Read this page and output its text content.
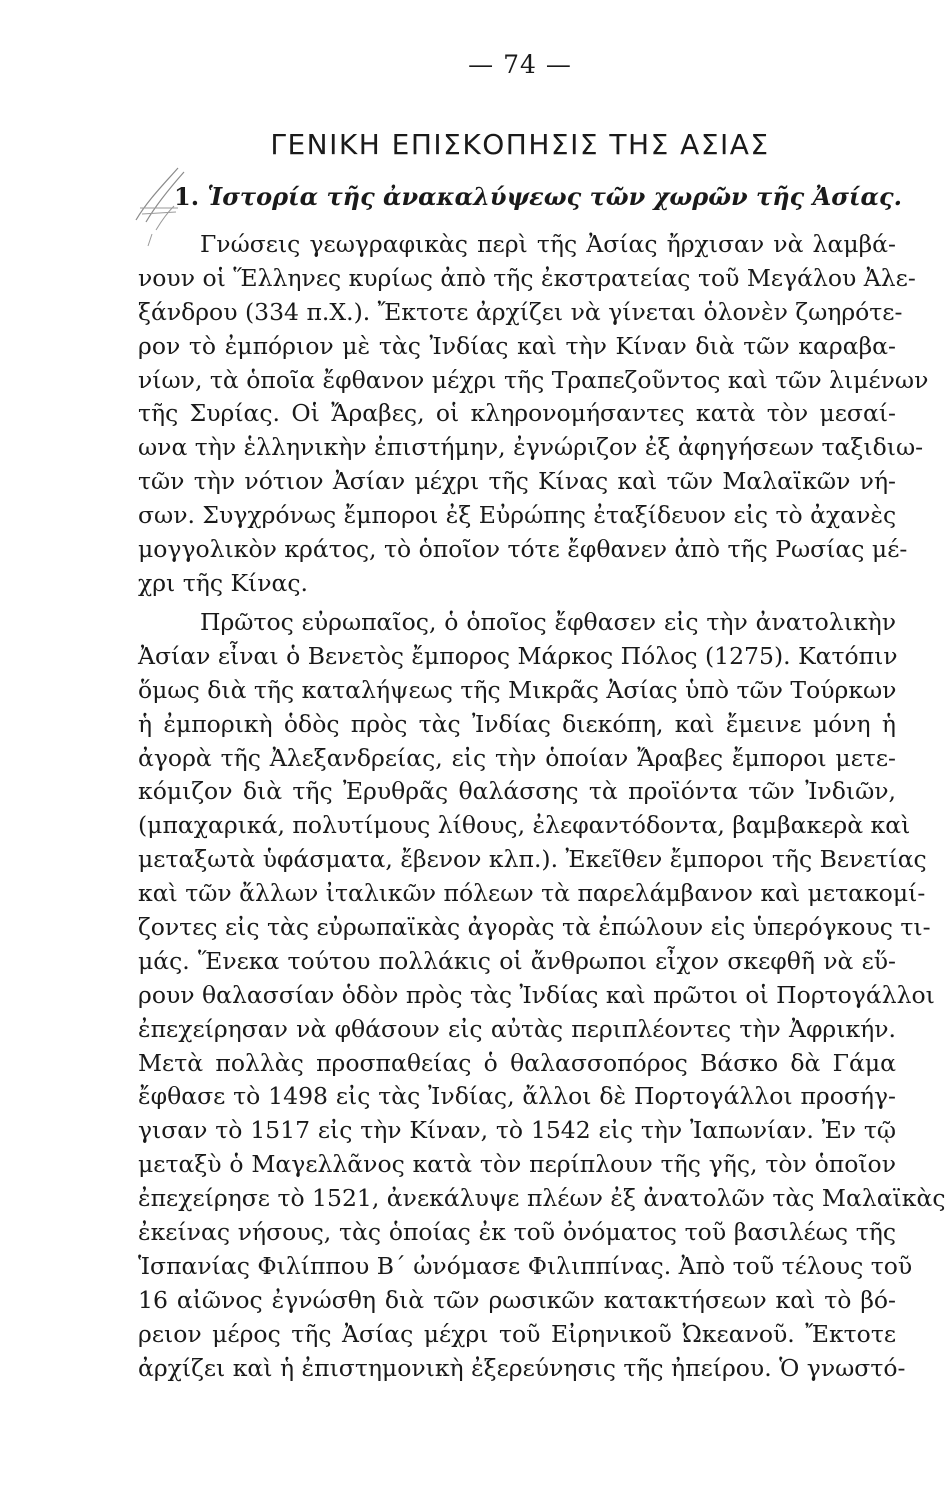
— 74 —
ΓΕΝΙΚΗ ΕΠΙΣΚΟΠΗΣΙΣ ΤΗΣ ΑΣΙΑΣ
1. Ἱστορία τῆς ἀνακαλύψεως τῶν χωρῶν τῆς Ἀσίας.
Γνώσεις γεωγραφικὰς περὶ τῆς Ἀσίας ἤρχισαν νὰ λαμβά-
νουν οἱ Ἕλληνες κυρίως ἀπὸ τῆς ἐκστρατείας τοῦ Μεγάλου Ἀλε-
ξάνδρου (334 π.Χ.). Ἔκτοτε ἀρχίζει νὰ γίνεται ὁλονὲν ζωηρότε-
ρον τὸ ἐμπόριον μὲ τὰς Ἰνδίας καὶ τὴν Κίναν διὰ τῶν καραβα-
νίων, τὰ ὁποῖα ἔφθανον μέχρι τῆς Τραπεζοῦντος καὶ τῶν λιμένων
τῆς Συρίας. Οἱ Ἄραβες, οἱ κληρονομήσαντες κατὰ τὸν μεσαί-
ωνα τὴν ἑλληνικὴν ἐπιστήμην, ἐγνώριζον ἐξ ἀφηγήσεων ταξιδιω-
τῶν τὴν νότιον Ἀσίαν μέχρι τῆς Κίνας καὶ τῶν Μαλαϊκῶν νή-
σων. Συγχρόνως ἔμποροι ἐξ Εὐρώπης ἐταξίδευον εἰς τὸ ἀχανὲς
μογγολικὸν κράτος, τὸ ὁποῖον τότε ἔφθανεν ἀπὸ τῆς Ρωσίας μέ-
χρι τῆς Κίνας.
Πρῶτος εὐρωπαῖος, ὁ ὁποῖος ἔφθασεν εἰς τὴν ἀνατολικὴν
Ἀσίαν εἶναι ὁ Βενετὸς ἔμπορος Μάρκος Πόλος (1275). Κατόπιν
ὅμως διὰ τῆς καταλήψεως τῆς Μικρᾶς Ἀσίας ὑπὸ τῶν Τούρκων
ἡ ἐμπορικὴ ὁδὸς πρὸς τὰς Ἰνδίας διεκόπη, καὶ ἔμεινε μόνη ἡ
ἀγορὰ τῆς Ἀλεξανδρείας, εἰς τὴν ὁποίαν Ἄραβες ἔμποροι μετε-
κόμιζον διὰ τῆς Ἐρυθρᾶς θαλάσσης τὰ προϊόντα τῶν Ἰνδιῶν,
(μπαχαρικά, πολυτίμους λίθους, ἐλεφαντόδοντα, βαμβακερὰ καὶ
μεταξωτὰ ὑφάσματα, ἔβενον κλπ.). Ἐκεῖθεν ἔμποροι τῆς Βενετίας
καὶ τῶν ἄλλων ἰταλικῶν πόλεων τὰ παρελάμβανον καὶ μετακομί-
ζοντες εἰς τὰς εὐρωπαϊκὰς ἀγορὰς τὰ ἐπώλουν εἰς ὑπερόγκους τι-
μάς. Ἕνεκα τούτου πολλάκις οἱ ἄνθρωποι εἶχον σκεφθῆ νὰ εὕ-
ρουν θαλασσίαν ὁδὸν πρὸς τὰς Ἰνδίας καὶ πρῶτοι οἱ Πορτογάλλοι
ἐπεχείρησαν νὰ φθάσουν εἰς αὐτὰς περιπλέοντες τὴν Ἀφρικήν.
Μετὰ πολλὰς προσπαθείας ὁ θαλασσοπόρος Βάσκο δὰ Γάμα
ἔφθασε τὸ 1498 εἰς τὰς Ἰνδίας, ἄλλοι δὲ Πορτογάλλοι προσήγ-
γισαν τὸ 1517 εἰς τὴν Κίναν, τὸ 1542 εἰς τὴν Ἰαπωνίαν. Ἐν τῷ
μεταξὺ ὁ Μαγελλᾶνος κατὰ τὸν περίπλουν τῆς γῆς, τὸν ὁποῖον
ἐπεχείρησε τὸ 1521, ἀνεκάλυψε πλέων ἐξ ἀνατολῶν τὰς Μαλαϊκὰς
ἐκείνας νήσους, τὰς ὁποίας ἐκ τοῦ ὀνόματος τοῦ βασιλέως τῆς
Ἱσπανίας Φιλίππου Β΄ ὠνόμασε Φιλιππίνας. Ἀπὸ τοῦ τέλους τοῦ
16 αἰῶνος ἐγνώσθη διὰ τῶν ρωσικῶν κατακτήσεων καὶ τὸ βό-
ρειον μέρος τῆς Ἀσίας μέχρι τοῦ Εἰρηνικοῦ Ὠκεανοῦ. Ἔκτοτε
ἀρχίζει καὶ ἡ ἐπιστημονικὴ ἐξερεύνησις τῆς ἠπείρου. Ὁ γνωστό-
